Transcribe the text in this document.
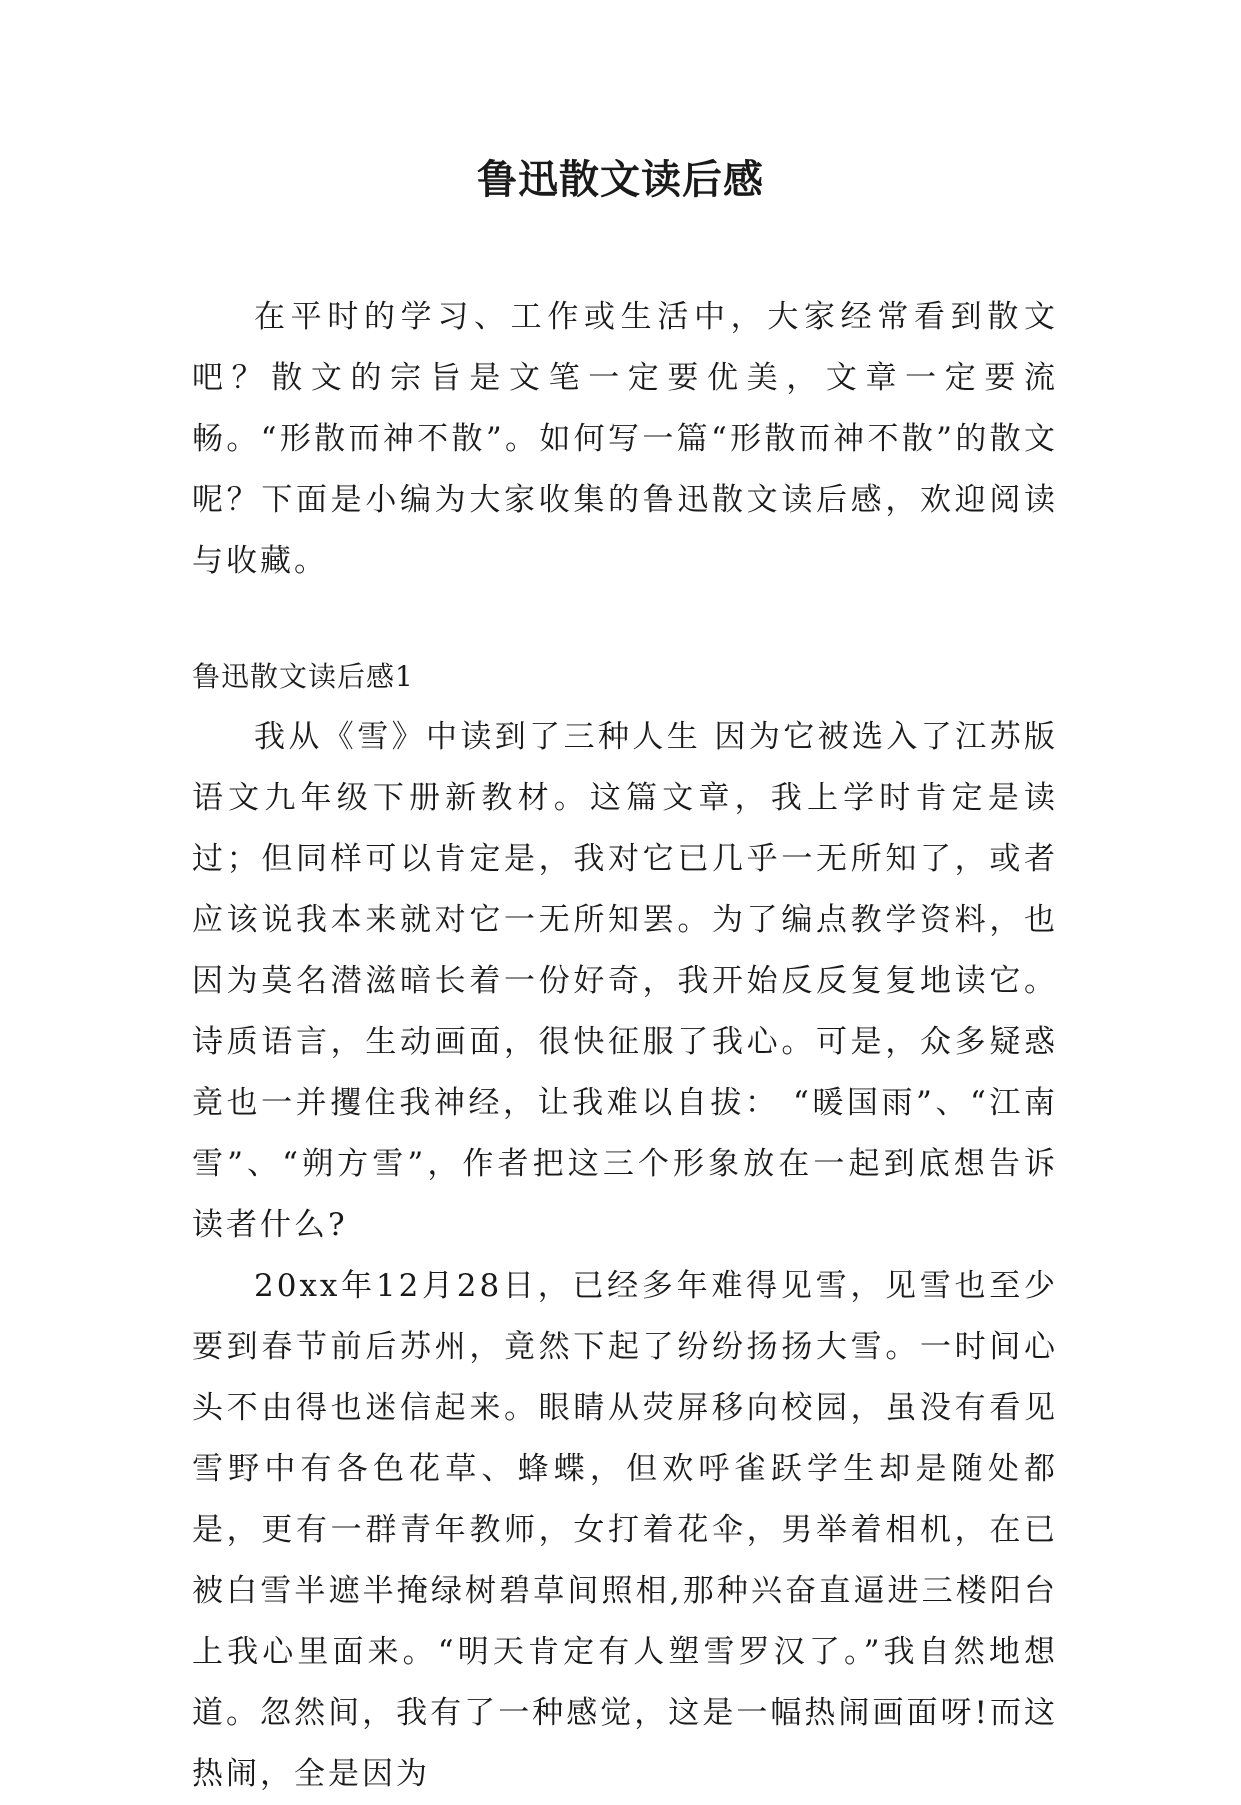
鲁迅散文读后感

在平时的学习、工作或生活中，大家经常看到散文吧？散文的宗旨是文笔一定要优美，文章一定要流畅。“形散而神不散”。如何写一篇“形散而神不散”的散文呢？下面是小编为大家收集的鲁迅散文读后感，欢迎阅读与收藏。

鲁迅散文读后感1

我从《雪》中读到了三种人生 因为它被选入了江苏版语文九年级下册新教材。这篇文章，我上学时肯定是读过；但同样可以肯定是，我对它已几乎一无所知了，或者应该说我本来就对它一无所知罢。为了编点教学资料，也因为莫名潜滋暗长着一份好奇，我开始反反复复地读它。诗质语言，生动画面，很快征服了我心。可是，众多疑惑竟也一并攫住我神经，让我难以自拔： “暖国雨”、“江南雪”、“朔方雪”，作者把这三个形象放在一起到底想告诉读者什么?

20xx年12月28日，已经多年难得见雪，见雪也至少要到春节前后苏州，竟然下起了纷纷扬扬大雪。一时间心头不由得也迷信起来。眼睛从荧屏移向校园，虽没有看见雪野中有各色花草、蜂蝶，但欢呼雀跃学生却是随处都是，更有一群青年教师，女打着花伞，男举着相机，在已被白雪半遮半掩绿树碧草间照相,那种兴奋直逼进三楼阳台上我心里面来。“明天肯定有人塑雪罗汉了。”我自然地想道。忽然间，我有了一种感觉，这是一幅热闹画面呀!而这热闹，全是因为
